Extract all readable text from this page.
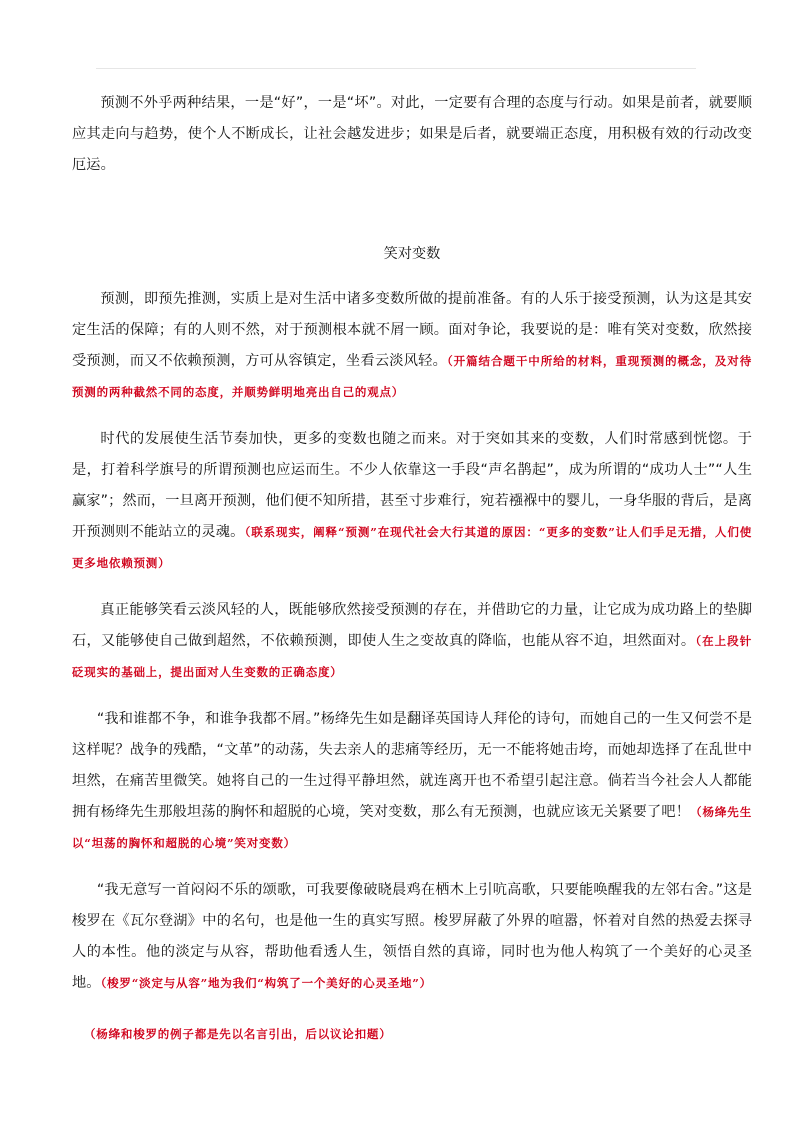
预测不外乎两种结果，一是“好”，一是“坏”。对此，一定要有合理的态度与行动。如果是前者，就要顺应其走向与趋势，使个人不断成长，让社会越发进步；如果是后者，就要端正态度，用积极有效的行动改变厄运。

笑对变数

预测，即预先推测，实质上是对生活中诸多变数所做的提前准备。有的人乐于接受预测，认为这是其安定生活的保障；有的人则不然，对于预测根本就不屑一顾。面对争论，我要说的是：唯有笑对变数，欣然接受预测，而又不依赖预测，方可从容镇定，坐看云淡风轻。（开篇结合题干中所给的材料，重现预测的概念，及对待预测的两种截然不同的态度，并顺势鲜明地亮出自己的观点）

时代的发展使生活节奏加快，更多的变数也随之而来。对于突如其来的变数，人们时常感到恍惚。于是，打着科学旗号的所谓预测也应运而生。不少人依靠这一手段“声名鹊起”，成为所谓的“成功人士”“人生赢家”；然而，一旦离开预测，他们便不知所措，甚至寸步难行，宛若襁褓中的婴儿，一身华服的背后，是离开预测则不能站立的灵魂。（联系现实，阐释“预测”在现代社会大行其道的原因：“更多的变数”让人们手足无措，人们使更多地依赖预测）

真正能够笑看云淡风轻的人，既能够欣然接受预测的存在，并借助它的力量，让它成为成功路上的垫脚石，又能够使自己做到超然，不依赖预测，即使人生之变故真的降临，也能从容不迫，坦然面对。（在上段针砭现实的基础上，提出面对人生变数的正确态度）

“我和谁都不争，和谁争我都不屑。”杨绛先生如是翻译英国诗人拜伦的诗句，而她自己的一生又何尝不是这样呢？战争的残酷，“文革”的动荡，失去亲人的悲痛等经历，无一不能将她击垮，而她却选择了在乱世中坦然，在痛苦里微笑。她将自己的一生过得平静坦然，就连离开也不希望引起注意。倘若当今社会人人都能拥有杨绛先生那般坦荡的胸怀和超脱的心境，笑对变数，那么有无预测，也就应该无关紧要了吧！（杨绛先生以“坦荡的胸怀和超脱的心境”笑对变数）

“我无意写一首闷闷不乐的颂歌，可我要像破晓晨鸡在栖木上引吭高歌，只要能唤醒我的左邻右舍。”这是梭罗在《瓦尔登湖》中的名句，也是他一生的真实写照。梭罗屏蔽了外界的喧嚣，怀着对自然的热爱去探寻人的本性。他的淡定与从容，帮助他看透人生，领悟自然的真谛，同时也为他人构筑了一个美好的心灵圣地。（梭罗“淡定与从容”地为我们“构筑了一个美好的心灵圣地”）

（杨绛和梭罗的例子都是先以名言引出，后以议论扣题）
